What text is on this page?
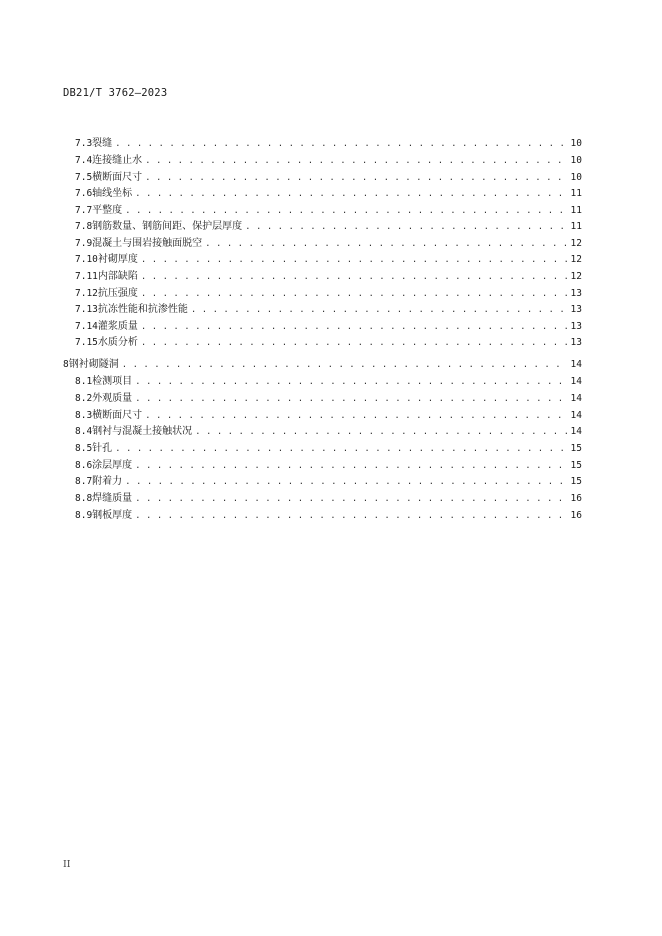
DB21/T 3762—2023
7.3 裂缝 . . .	10
7.4 连接缝止水 . . .	10
7.5 横断面尺寸 . . .	10
7.6 轴线坐标 . . .	11
7.7 平整度 . . .	11
7.8 钢筋数量、钢筋间距、保护层厚度 . . .	11
7.9 混凝土与围岩接触面脱空 . . .	12
7.10 衬砌厚度 . . .	12
7.11 内部缺陷 . . .	12
7.12 抗压强度 . . .	13
7.13 抗冻性能和抗渗性能 . . .	13
7.14 灌浆质量 . . .	13
7.15 水质分析 . . .	13
8 钢衬砌隧洞 . . .	14
8.1 检测项目 . . .	14
8.2 外观质量 . . .	14
8.3 横断面尺寸 . . .	14
8.4 钢衬与混凝土接触状况 . . .	14
8.5 针孔 . . .	15
8.6 涂层厚度 . . .	15
8.7 附着力 . . .	15
8.8 焊缝质量 . . .	16
8.9 钢板厚度 . . .	16
II
